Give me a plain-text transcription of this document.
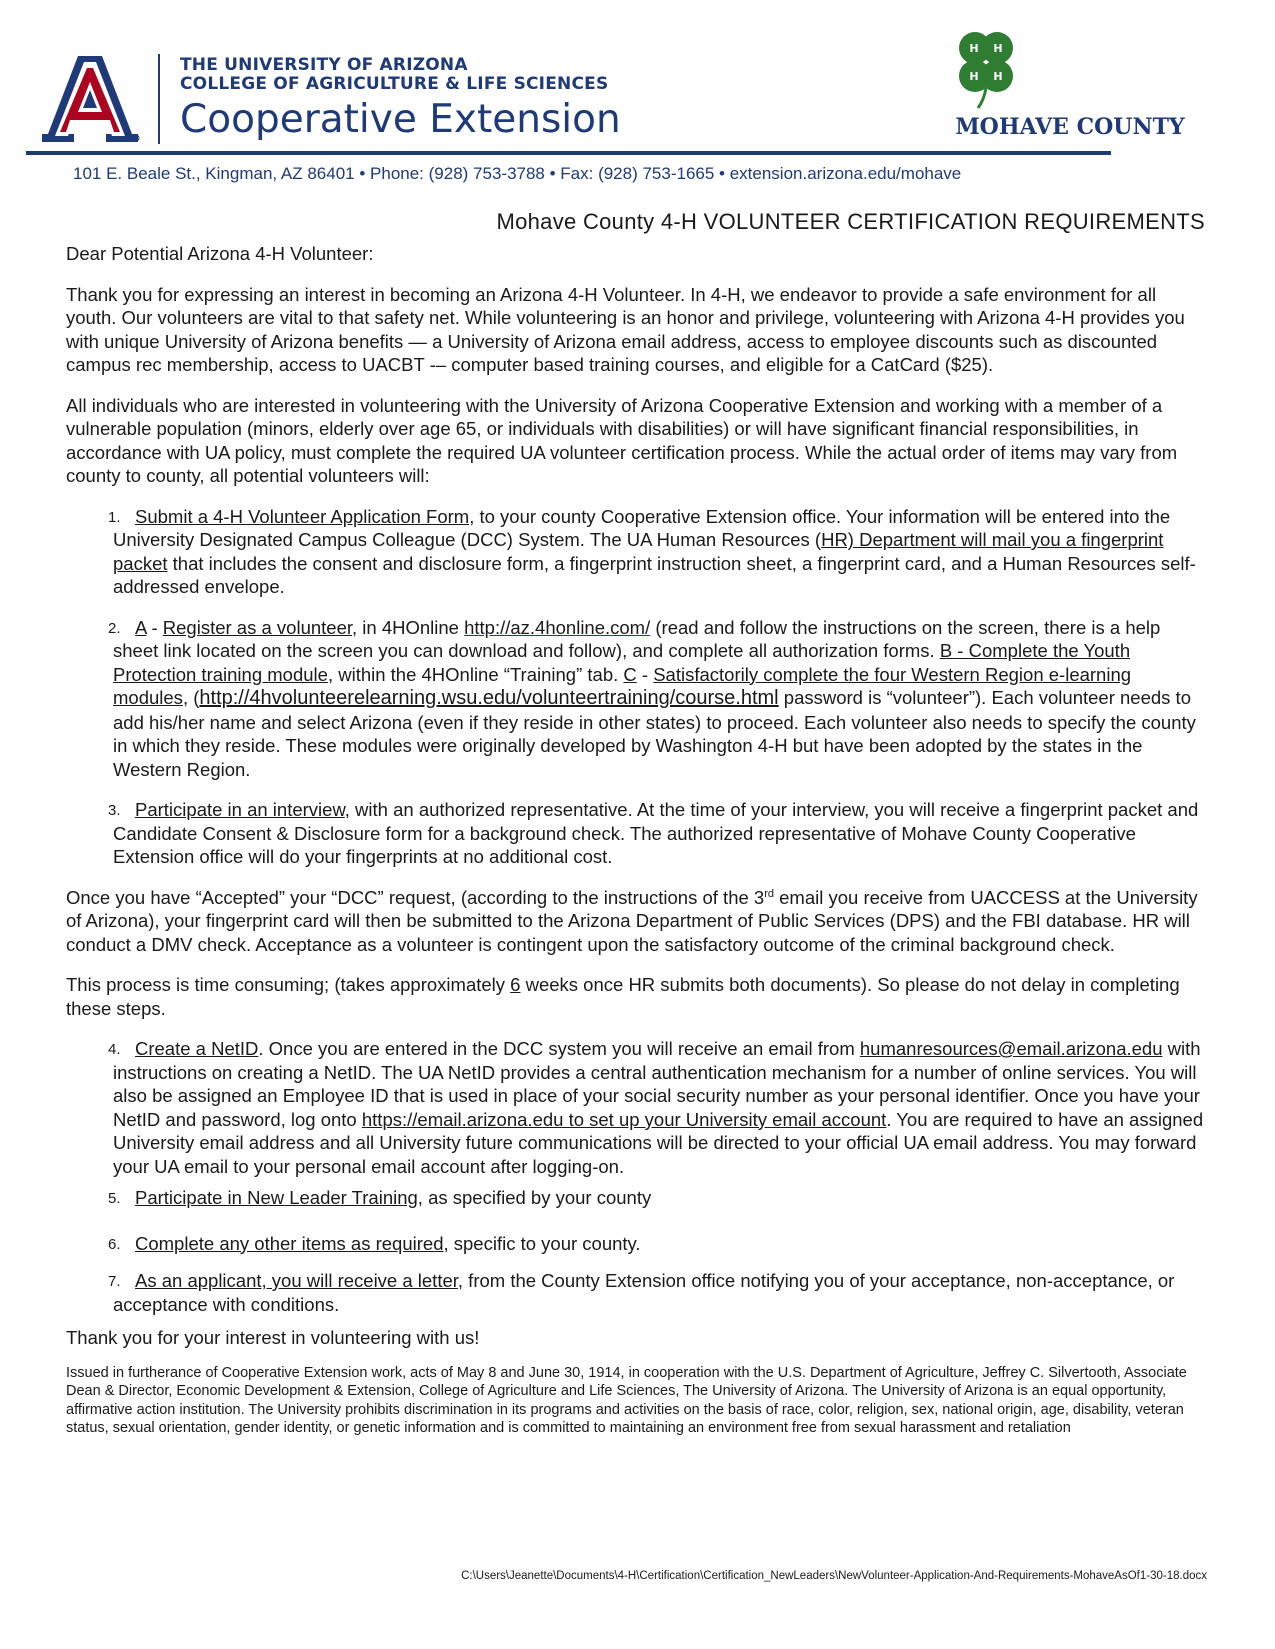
THE UNIVERSITY OF ARIZONA
COLLEGE OF AGRICULTURE & LIFE SCIENCES
Cooperative Extension
H H
H H
MOHAVE COUNTY
101 E. Beale St., Kingman, AZ 86401 • Phone: (928) 753-3788 • Fax: (928) 753-1665 • extension.arizona.edu/mohave
Mohave County 4-H VOLUNTEER CERTIFICATION REQUIREMENTS

Dear Potential Arizona 4-H Volunteer:

Thank you for expressing an interest in becoming an Arizona 4-H Volunteer. In 4-H, we endeavor to provide a safe environment for all youth. Our volunteers are vital to that safety net. While volunteering is an honor and privilege, volunteering with Arizona 4-H provides you with unique University of Arizona benefits — a University of Arizona email address, access to employee discounts such as discounted campus rec membership, access to UACBT -– computer based training courses, and eligible for a CatCard ($25).

All individuals who are interested in volunteering with the University of Arizona Cooperative Extension and working with a member of a vulnerable population (minors, elderly over age 65, or individuals with disabilities) or will have significant financial responsibilities, in accordance with UA policy, must complete the required UA volunteer certification process. While the actual order of items may vary from county to county, all potential volunteers will:

1. Submit a 4-H Volunteer Application Form, to your county Cooperative Extension office. Your information will be entered into the University Designated Campus Colleague (DCC) System. The UA Human Resources (HR) Department will mail you a fingerprint packet that includes the consent and disclosure form, a fingerprint instruction sheet, a fingerprint card, and a Human Resources self-addressed envelope.
2. A - Register as a volunteer, in 4HOnline http://az.4honline.com/ (read and follow the instructions on the screen, there is a help sheet link located on the screen you can download and follow), and complete all authorization forms. B - Complete the Youth Protection training module, within the 4HOnline “Training” tab. C - Satisfactorily complete the four Western Region e-learning modules, (http://4hvolunteerelearning.wsu.edu/volunteertraining/course.html password is “volunteer”). Each volunteer needs to add his/her name and select Arizona (even if they reside in other states) to proceed. Each volunteer also needs to specify the county in which they reside. These modules were originally developed by Washington 4-H but have been adopted by the states in the Western Region.
3. Participate in an interview, with an authorized representative. At the time of your interview, you will receive a fingerprint packet and Candidate Consent & Disclosure form for a background check. The authorized representative of Mohave County Cooperative Extension office will do your fingerprints at no additional cost.

Once you have “Accepted” your “DCC” request, (according to the instructions of the 3rd email you receive from UACCESS at the University of Arizona), your fingerprint card will then be submitted to the Arizona Department of Public Services (DPS) and the FBI database. HR will conduct a DMV check. Acceptance as a volunteer is contingent upon the satisfactory outcome of the criminal background check.

This process is time consuming; (takes approximately 6 weeks once HR submits both documents). So please do not delay in completing these steps.

4. Create a NetID. Once you are entered in the DCC system you will receive an email from humanresources@email.arizona.edu with instructions on creating a NetID. The UA NetID provides a central authentication mechanism for a number of online services. You will also be assigned an Employee ID that is used in place of your social security number as your personal identifier. Once you have your NetID and password, log onto https://email.arizona.edu to set up your University email account. You are required to have an assigned University email address and all University future communications will be directed to your official UA email address. You may forward your UA email to your personal email account after logging-on.
5. Participate in New Leader Training, as specified by your county
6. Complete any other items as required, specific to your county.
7. As an applicant, you will receive a letter, from the County Extension office notifying you of your acceptance, non-acceptance, or acceptance with conditions.

Thank you for your interest in volunteering with us!

Issued in furtherance of Cooperative Extension work, acts of May 8 and June 30, 1914, in cooperation with the U.S. Department of Agriculture, Jeffrey C. Silvertooth, Associate Dean & Director, Economic Development & Extension, College of Agriculture and Life Sciences, The University of Arizona. The University of Arizona is an equal opportunity, affirmative action institution. The University prohibits discrimination in its programs and activities on the basis of race, color, religion, sex, national origin, age, disability, veteran status, sexual orientation, gender identity, or genetic information and is committed to maintaining an environment free from sexual harassment and retaliation

C:\Users\Jeanette\Documents\4-H\Certification\Certification_NewLeaders\NewVolunteer-Application-And-Requirements-MohaveAsOf1-30-18.docx
